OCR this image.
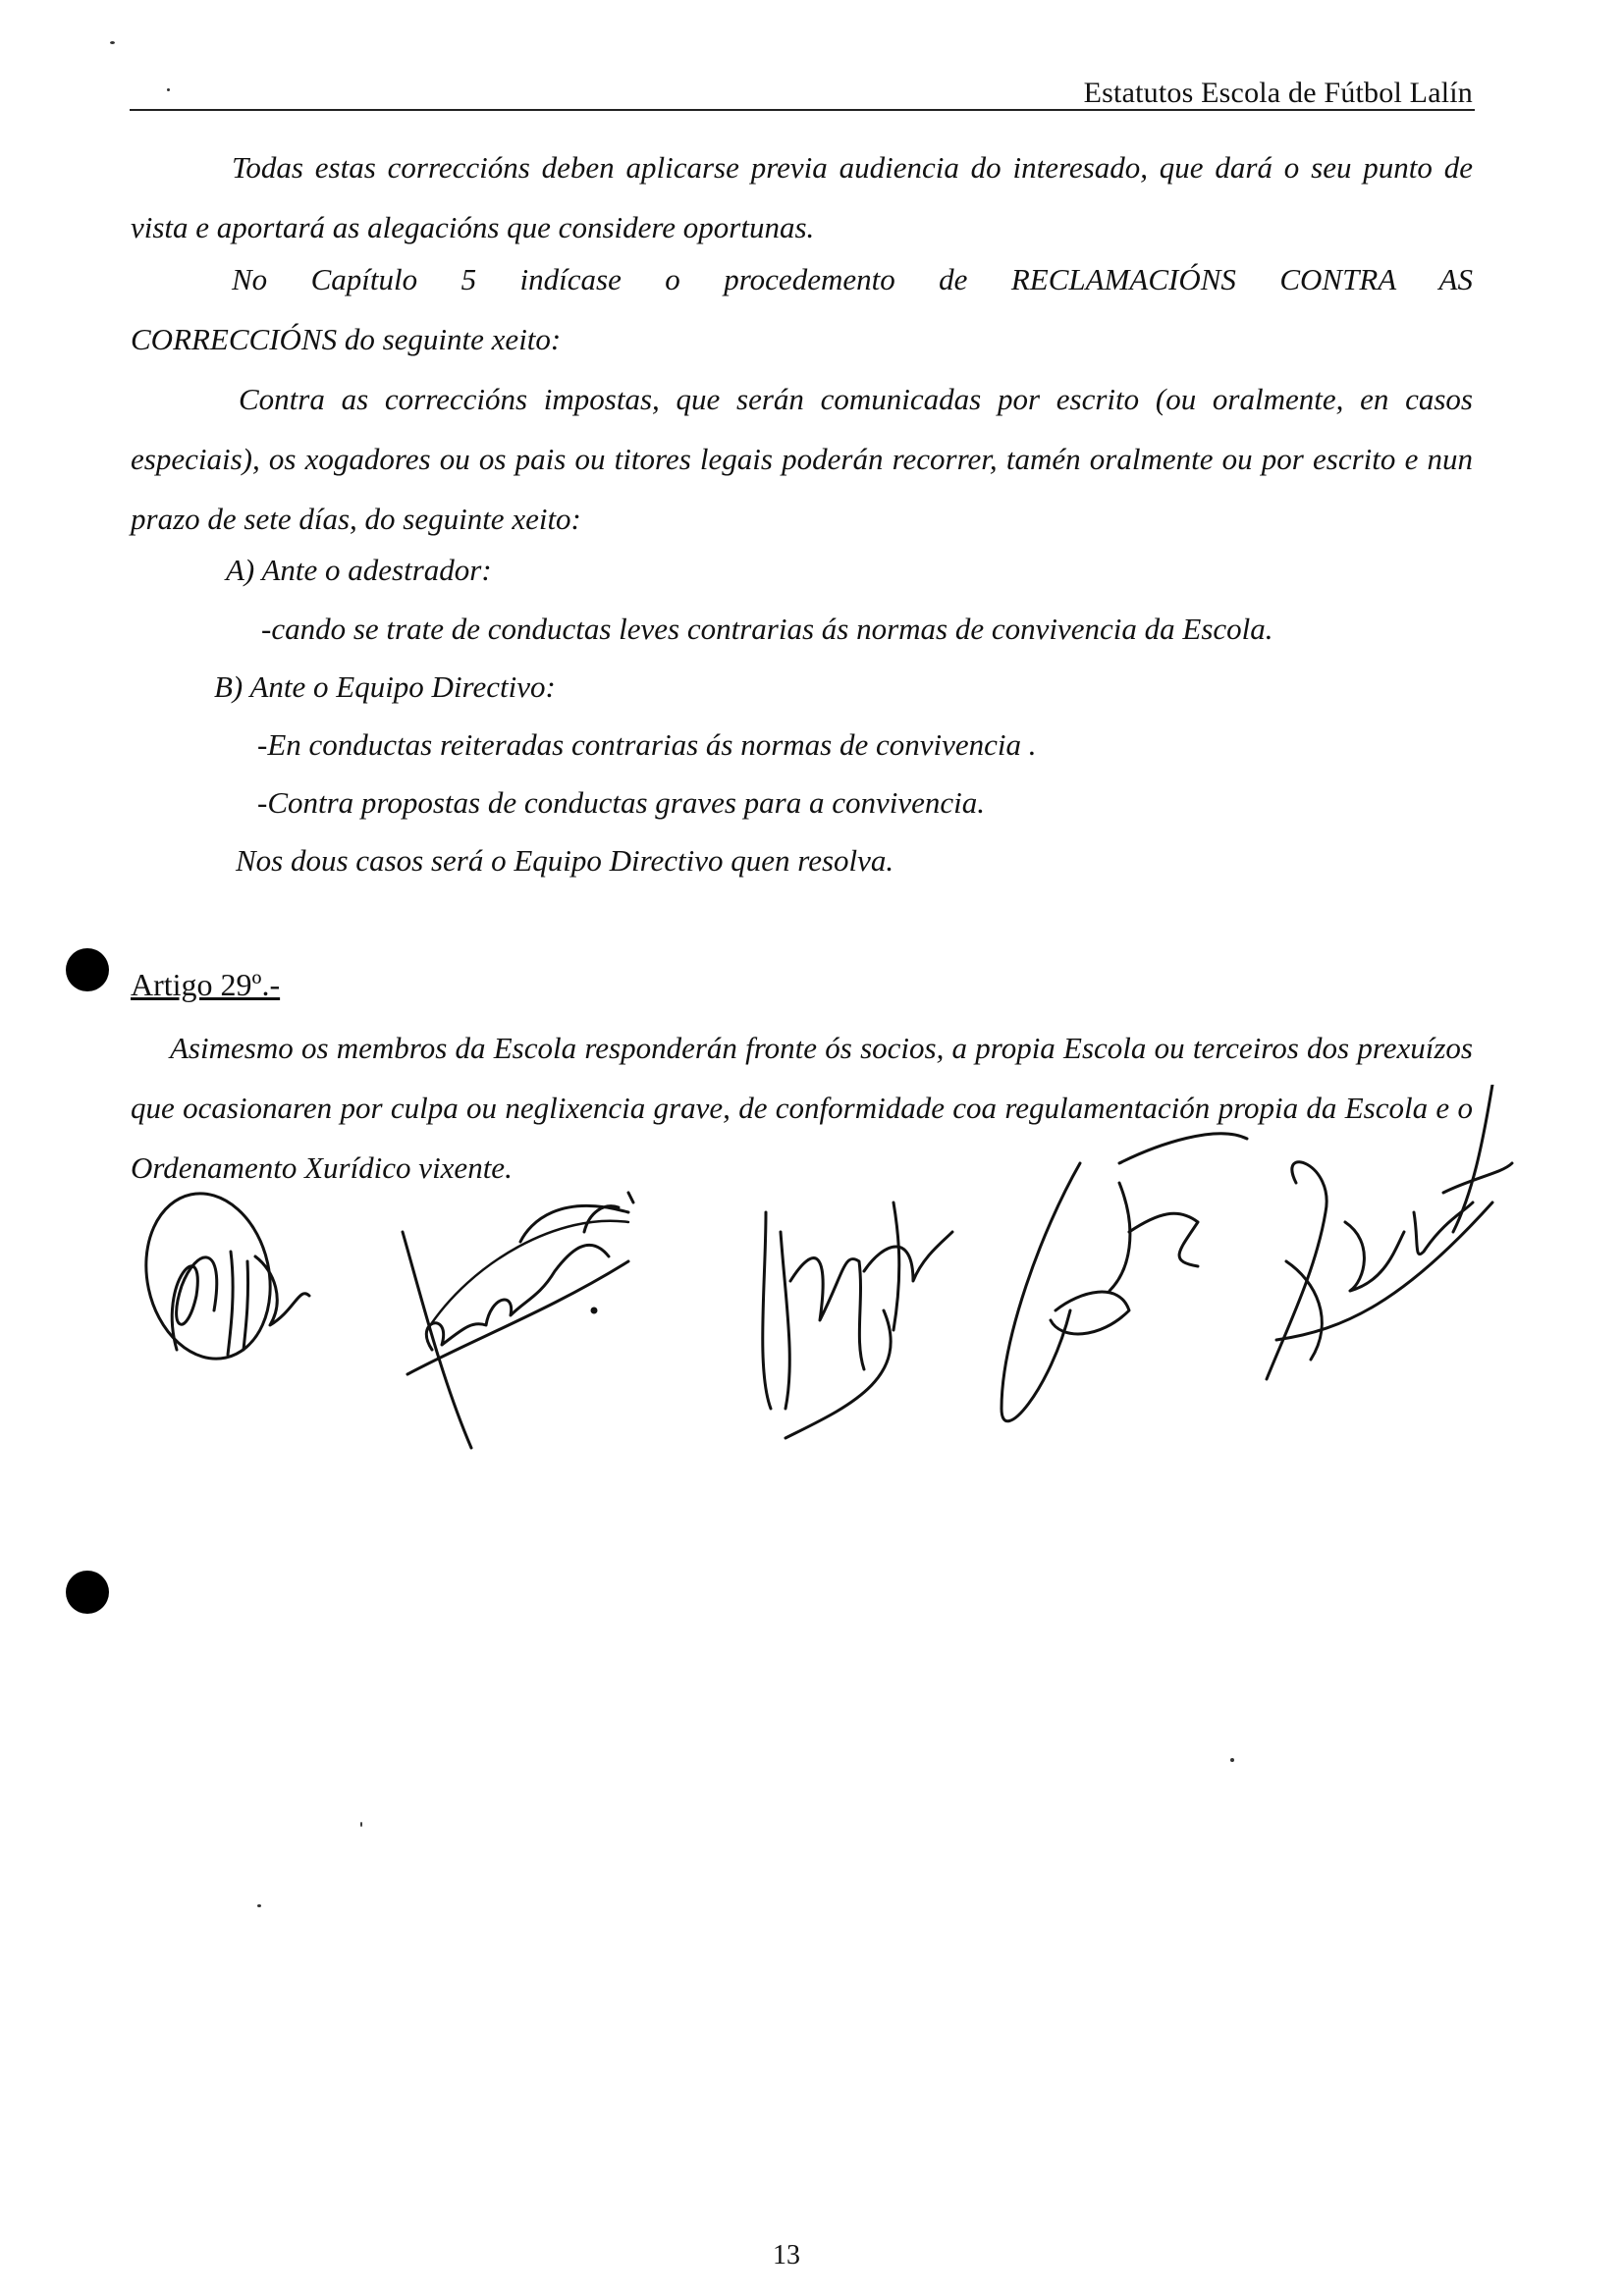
Estatutos Escola de Fútbol Lalín

Todas estas correccións deben aplicarse previa audiencia do interesado, que dará o seu punto de vista e aportará as alegacións que considere oportunas.

No Capítulo 5 indícase o procedemento de RECLAMACIÓNS CONTRA AS
CORRECCIÓNS do seguinte xeito:

Contra as correccións impostas, que serán comunicadas por escrito (ou oralmente, en casos especiais), os xogadores ou os pais ou titores legais poderán recorrer, tamén oralmente ou por escrito e nun prazo de sete días, do seguinte xeito:

A) Ante o adestrador:
-cando se trate de conductas leves contrarias ás normas de convivencia da Escola.
B) Ante o Equipo Directivo:
-En conductas reiteradas contrarias ás normas de convivencia .
-Contra propostas de conductas graves para a convivencia.
Nos dous casos será o Equipo Directivo quen resolva.
Artigo 29º.-

Asimesmo os membros da Escola responderán fronte ós socios, a propia Escola ou terceiros dos prexuízos que ocasionaren por culpa ou neglixencia grave, de conformidade coa regulamentación propia da Escola e o Ordenamento Xurídico vixente.

13
